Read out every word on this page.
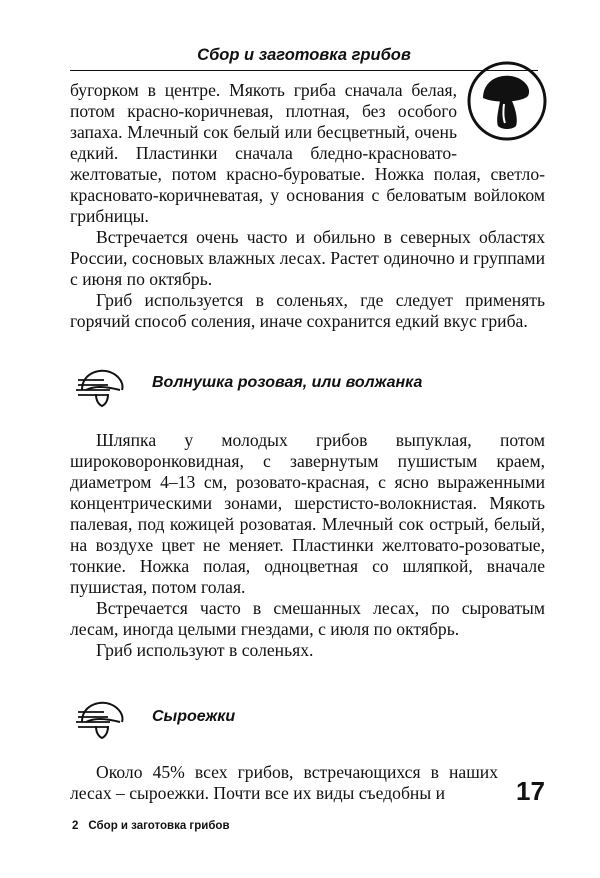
Сбор и заготовка грибов

бугорком в центре. Мякоть гриба сначала белая, потом красно-коричневая, плотная, без особого запаха. Млечный сок белый или бесцветный, очень едкий. Пластинки сначала бледно-красновато-желтоватые, потом красно-буроватые. Ножка полая, светло-красновато-коричневатая, у основания с беловатым войлоком грибницы.

Встречается очень часто и обильно в северных областях России, сосновых влажных лесах. Растет одиночно и группами с июня по октябрь.

Гриб используется в соленьях, где следует применять горячий способ соления, иначе сохранится едкий вкус гриба.

Волнушка розовая, или волжанка

Шляпка у молодых грибов выпуклая, потом широковоронковидная, с завернутым пушистым краем, диаметром 4–13 см, розовато-красная, с ясно выраженными концентрическими зонами, шерстисто-волокнистая. Мякоть палевая, под кожицей розоватая. Млечный сок острый, белый, на воздухе цвет не меняет. Пластинки желтоватo-розоватые, тонкие. Ножка полая, одноцветная со шляпкой, вначале пушистая, потом голая.

Встречается часто в смешанных лесах, по сыроватым лесам, иногда целыми гнездами, с июля по октябрь.

Гриб используют в соленьях.

Сыроежки

Около 45% всех грибов, встречающихся в наших лесах – сыроежки. Почти все их виды съедобны и	17
2 Сбор и заготовка грибов
